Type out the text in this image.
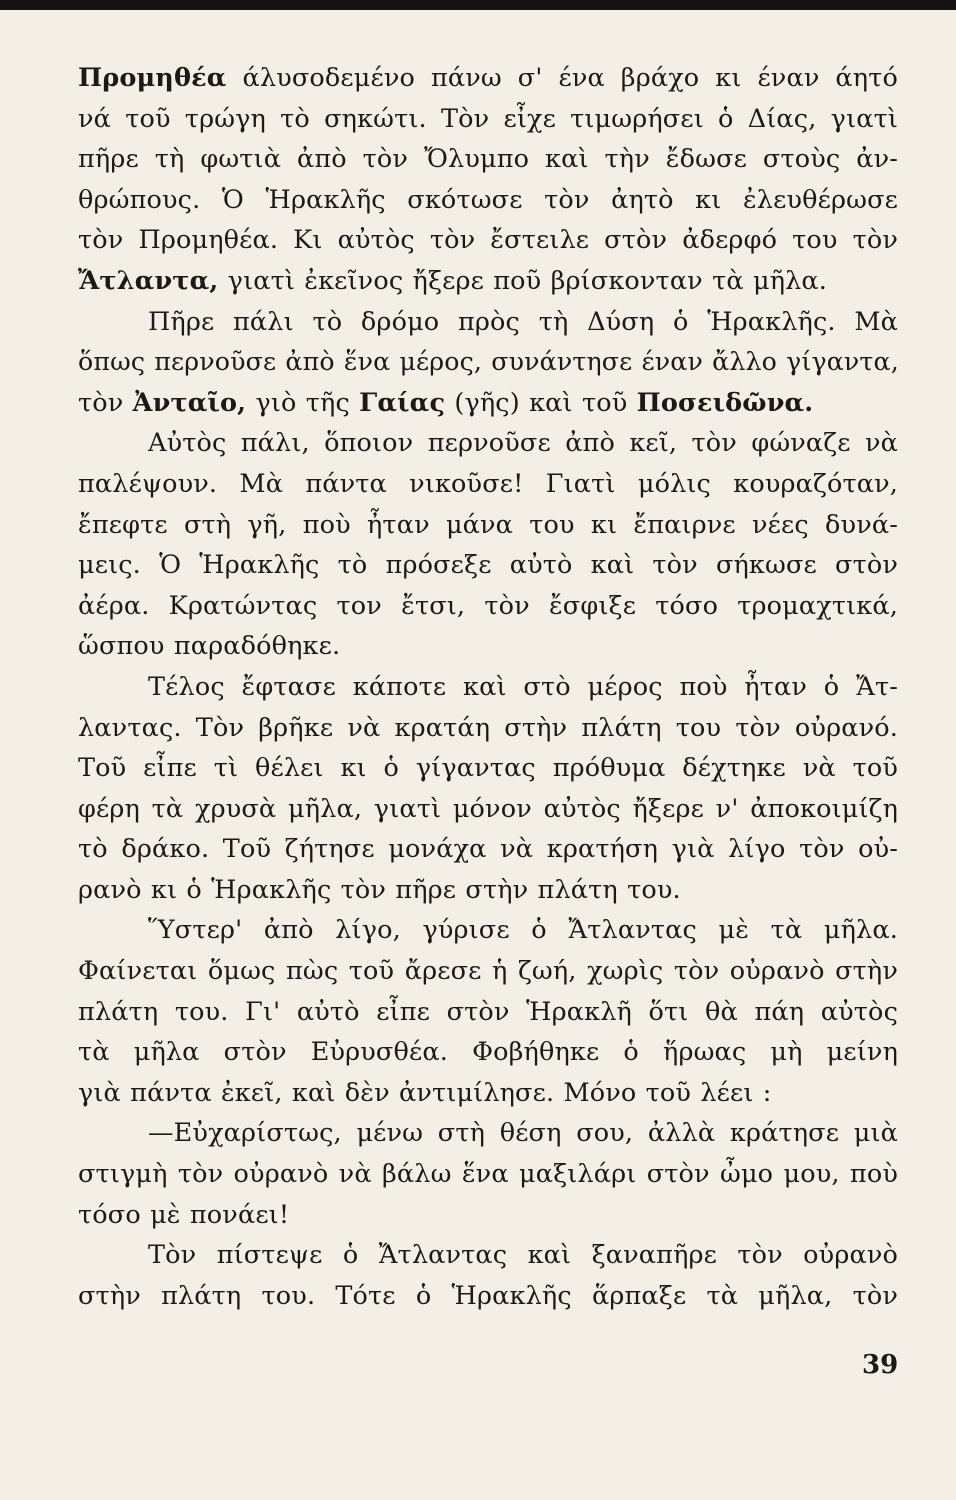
Προμηθέα άλυσοδεμένο πάνω σ' ένα βράχο κι έναν άητό
νά τοῦ τρώγη τὸ σηκώτι. Τὸν εἶχε τιμωρήσει ὁ Δίας, γιατὶ
πῆρε τὴ φωτιὰ ἀπὸ τὸν Ὄλυμπο καὶ τὴν ἔδωσε στοὺς ἀν-
θρώπους. Ὁ Ἡρακλῆς σκότωσε τὸν ἀητὸ κι ἐλευθέρωσε
τὸν Προμηθέα. Κι αὐτὸς τὸν ἔστειλε στὸν ἀδερφό του τὸν
Ἄτλαντα, γιατὶ ἐκεῖνος ἤξερε ποῦ βρίσκονταν τὰ μῆλα.

Πῆρε πάλι τὸ δρόμο πρὸς τὴ Δύση ὁ Ἡρακλῆς. Μὰ
ὅπως περνοῦσε ἀπὸ ἕνα μέρος, συνάντησε έναν ἄλλο γίγαντα,
τὸν Ἀνταῖο, γιὸ τῆς Γαίας (γῆς) καὶ τοῦ Ποσειδῶνα.

Αὐτὸς πάλι, ὅποιον περνοῦσε ἀπὸ κεῖ, τὸν φώναζε νὰ
παλέψουν. Μὰ πάντα νικοῦσε! Γιατὶ μόλις κουραζόταν,
ἔπεφτε στὴ γῆ, ποὺ ἦταν μάνα του κι ἔπαιρνε νέες δυνά-
μεις. Ὁ Ἡρακλῆς τὸ πρόσεξε αὐτὸ καὶ τὸν σήκωσε στὸν
ἀέρα. Κρατώντας τον ἔτσι, τὸν ἔσφιξε τόσο τρομαχτικά,
ὥσπου παραδόθηκε.

Τέλος ἔφτασε κάποτε καὶ στὸ μέρος ποὺ ἦταν ὁ Ἄτ-
λαντας. Τὸν βρῆκε νὰ κρατάη στὴν πλάτη του τὸν οὐρανό.
Τοῦ εἶπε τὶ θέλει κι ὁ γίγαντας πρόθυμα δέχτηκε νὰ τοῦ
φέρη τὰ χρυσὰ μῆλα, γιατὶ μόνον αὐτὸς ἤξερε ν' ἀποκοιμίζη
τὸ δράκο. Τοῦ ζήτησε μονάχα νὰ κρατήση γιὰ λίγο τὸν οὐ-
ρανὸ κι ὁ Ἡρακλῆς τὸν πῆρε στὴν πλάτη του.

Ὕστερ' ἀπὸ λίγο, γύρισε ὁ Ἄτλαντας μὲ τὰ μῆλα.
Φαίνεται ὅμως πὼς τοῦ ἄρεσε ἡ ζωή, χωρὶς τὸν οὐρανὸ στὴν
πλάτη του. Γι' αὐτὸ εἶπε στὸν Ἡρακλῆ ὅτι θὰ πάη αὐτὸς
τὰ μῆλα στὸν Εὐρυσθέα. Φοβήθηκε ὁ ἥρωας μὴ μείνη
γιὰ πάντα ἐκεῖ, καὶ δὲν ἀντιμίλησε. Μόνο τοῦ λέει :

—Εὐχαρίστως, μένω στὴ θέση σου, ἀλλὰ κράτησε μιὰ
στιγμὴ τὸν οὐρανὸ νὰ βάλω ἕνα μαξιλάρι στὸν ὦμο μου, ποὺ
τόσο μὲ πονάει!

Τὸν πίστεψε ὁ Ἄτλαντας καὶ ξαναπῆρε τὸν οὐρανὸ
στὴν πλάτη του. Τότε ὁ Ἡρακλῆς ἅρπαξε τὰ μῆλα, τὸν

39
